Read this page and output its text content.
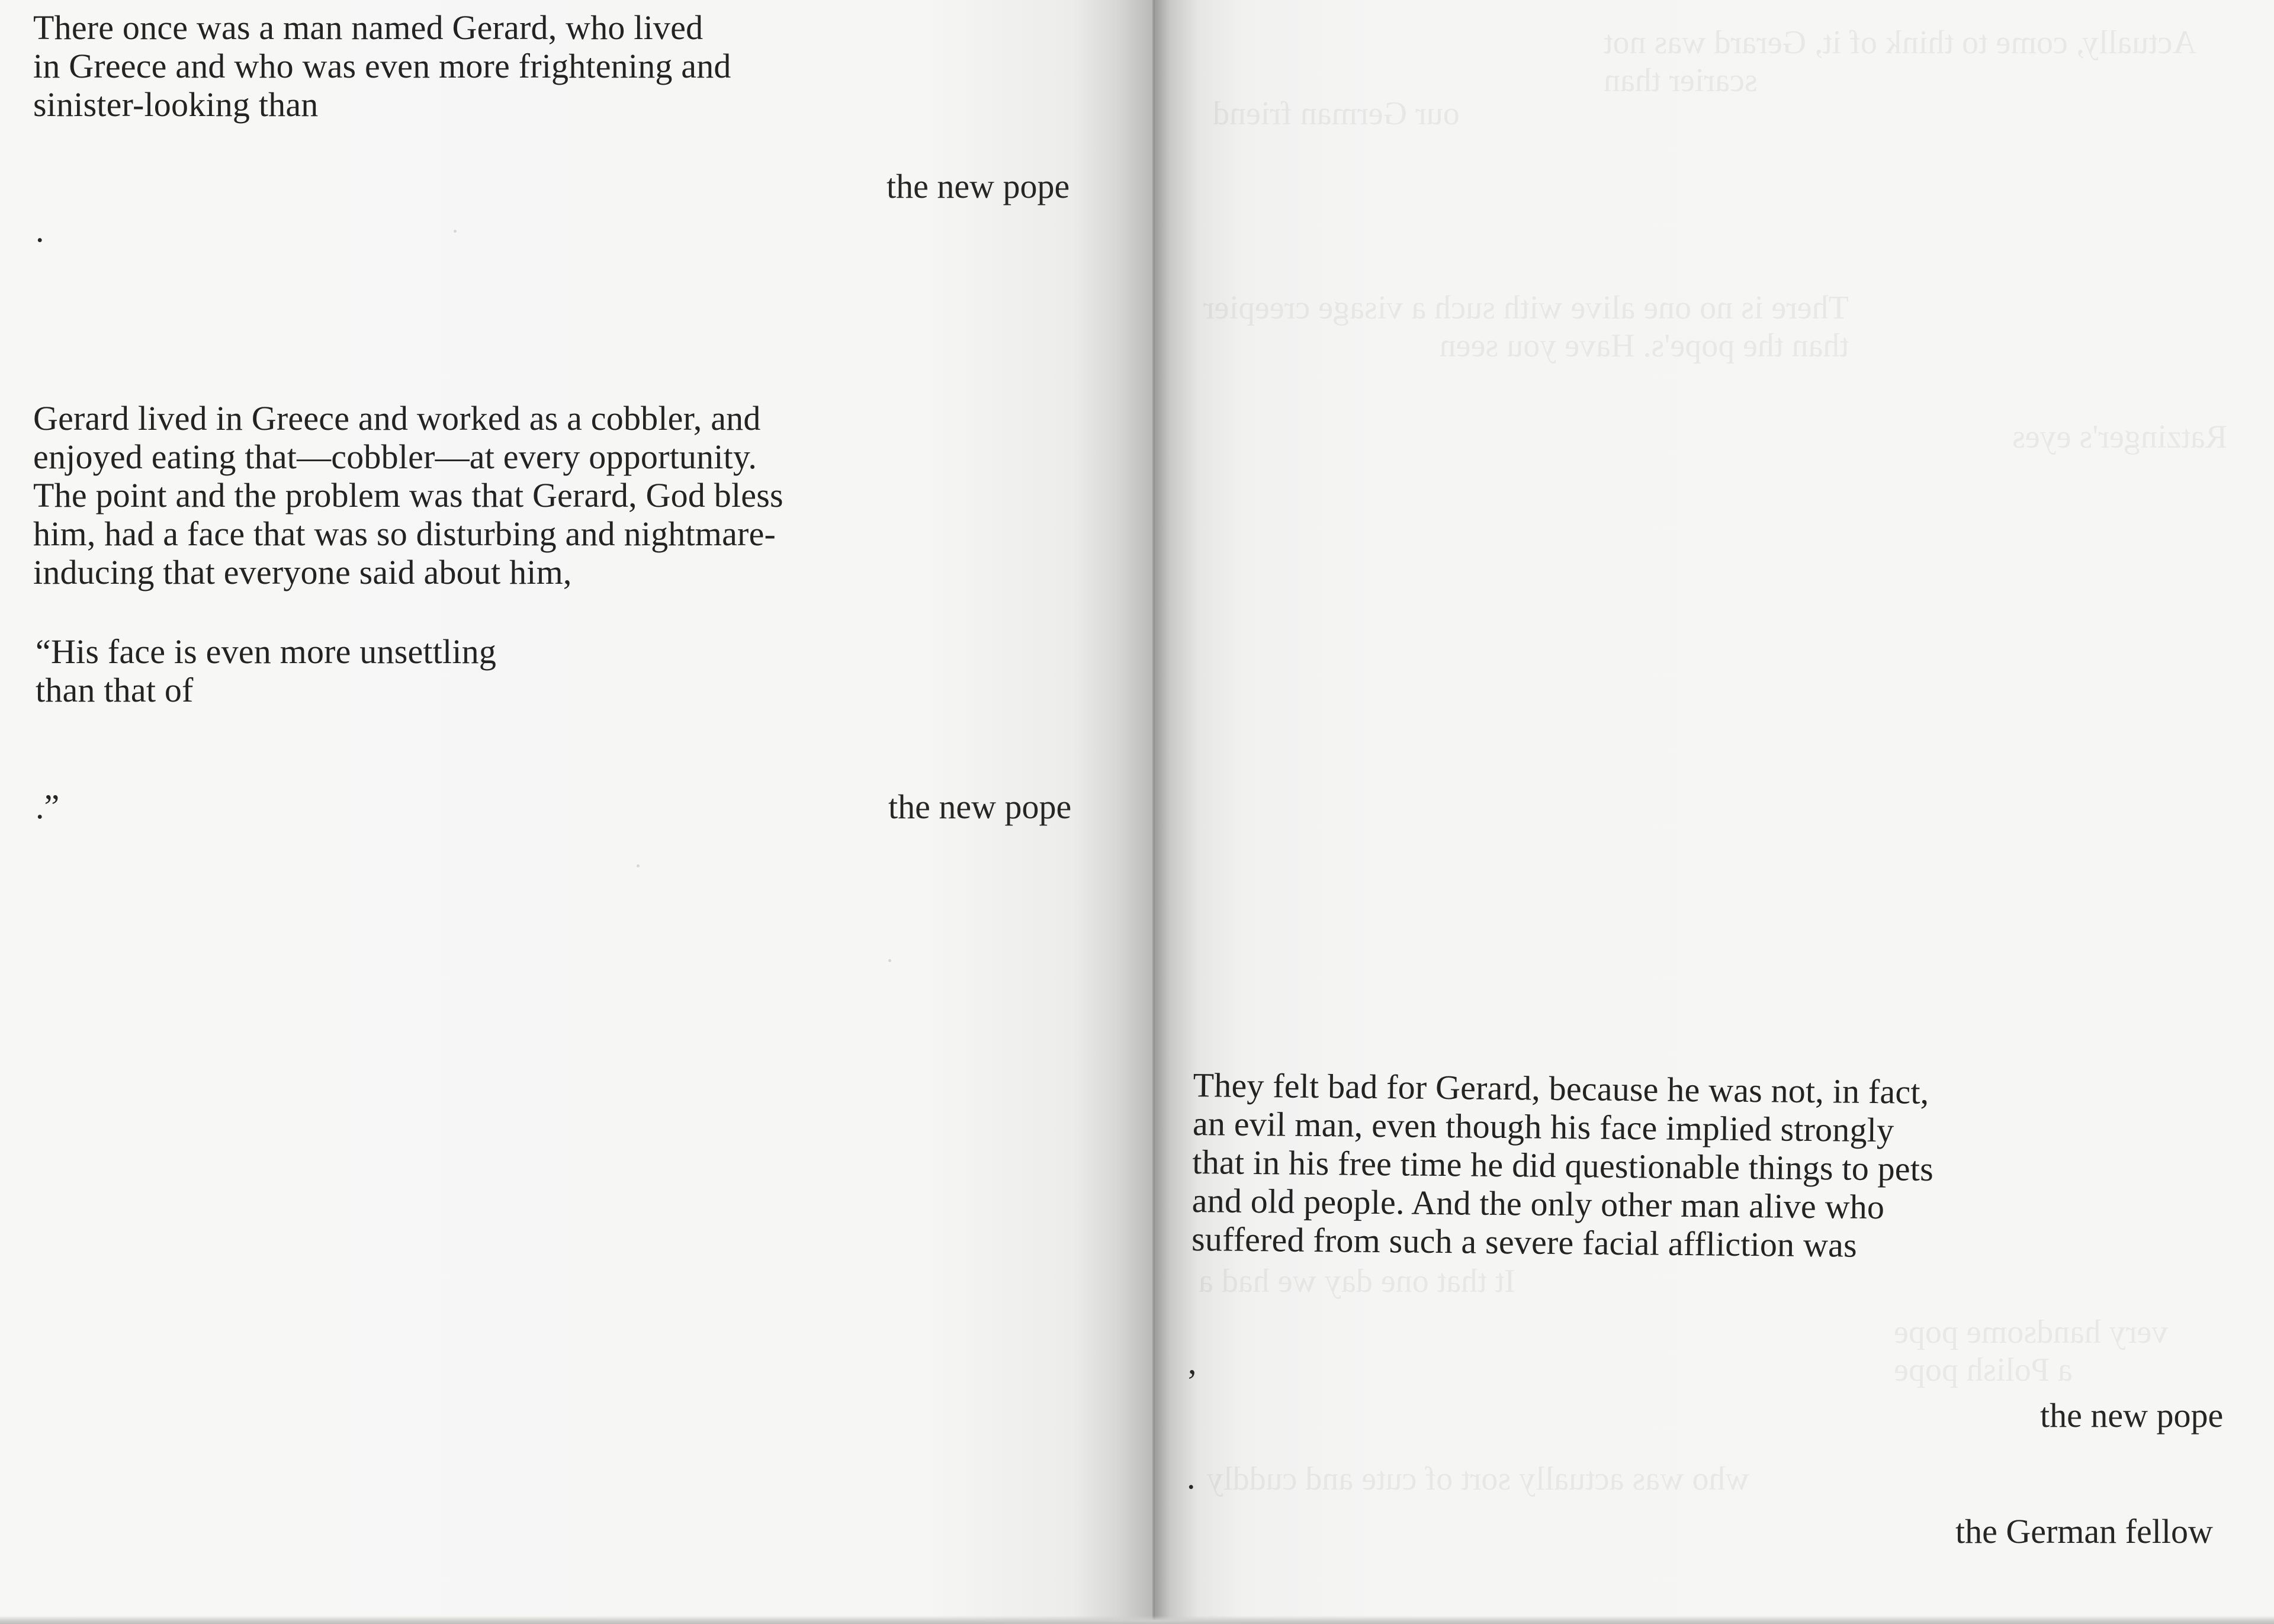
There once was a man named Gerard, who lived
in Greece and who was even more frightening and
sinister-looking than

the new pope

.

Gerard lived in Greece and worked as a cobbler, and
enjoyed eating that—cobbler—at every opportunity.
The point and the problem was that Gerard, God bless
him, had a face that was so disturbing and nightmare-
inducing that everyone said about him,

“His face is even more unsettling
than that of

.”	the new pope

Actually, come to think of it, Gerard was not
scarier than

our German friend

There is no one alive with such a visage creepier
than the pope's. Have you seen

Ratzinger's eyes

It that one day we had a

very handsome pope
a Polish pope

who was actually sort of cute and cuddly

They felt bad for Gerard, because he was not, in fact,
an evil man, even though his face implied strongly
that in his free time he did questionable things to pets
and old people. And the only other man alive who
suffered from such a severe facial affliction was

,

the new pope

.

the German fellow
